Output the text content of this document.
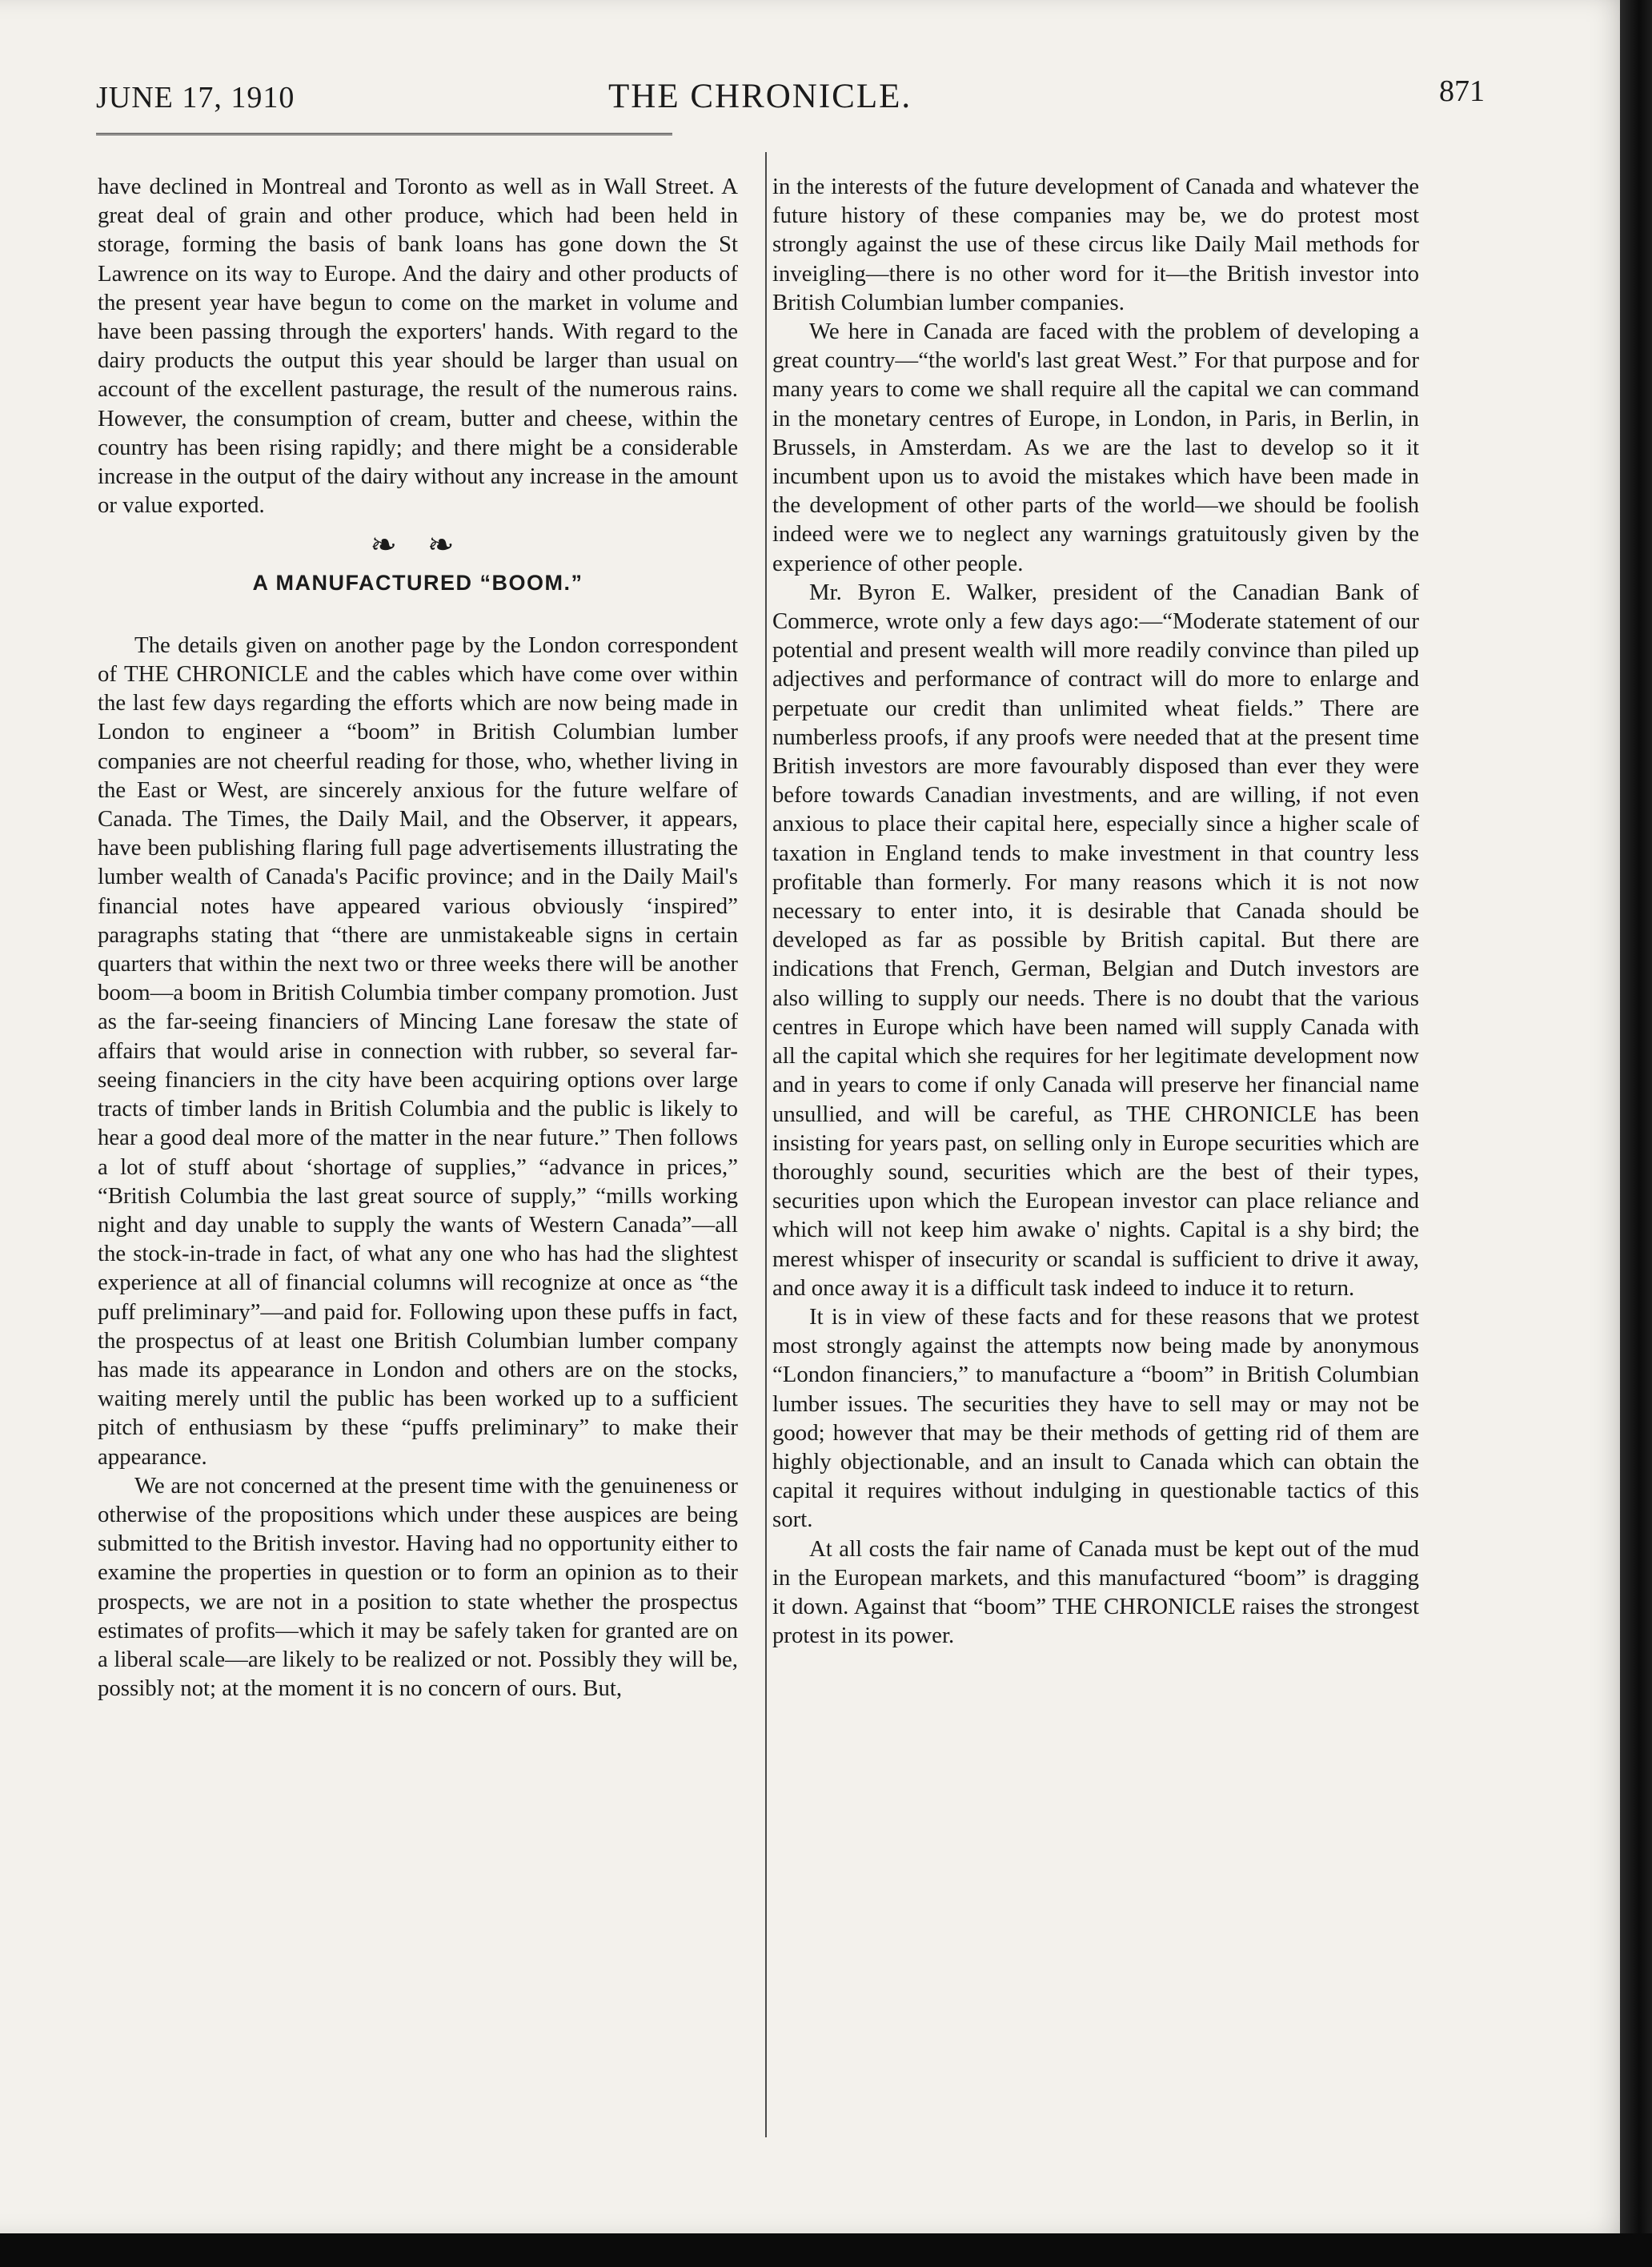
JUNE 17, 1910	THE CHRONICLE.	871

have declined in Montreal and Toronto as well as in Wall Street. A great deal of grain and other produce, which had been held in storage, forming the basis of bank loans has gone down the St Lawrence on its way to Europe. And the dairy and other products of the present year have begun to come on the market in volume and have been passing through the exporters' hands. With regard to the dairy products the output this year should be larger than usual on account of the excellent pasturage, the result of the numerous rains. However, the consumption of cream, butter and cheese, within the country has been rising rapidly; and there might be a considerable increase in the output of the dairy without any increase in the amount or value exported.

❧ ❧
A MANUFACTURED “BOOM.”

The details given on another page by the London correspondent of THE CHRONICLE and the cables which have come over within the last few days regarding the efforts which are now being made in London to engineer a “boom” in British Columbian lumber companies are not cheerful reading for those, who, whether living in the East or West, are sincerely anxious for the future welfare of Canada. The Times, the Daily Mail, and the Observer, it appears, have been publishing flaring full page advertisements illustrating the lumber wealth of Canada's Pacific province; and in the Daily Mail's financial notes have appeared various obviously ‘inspired” paragraphs stating that “there are unmistakeable signs in certain quarters that within the next two or three weeks there will be another boom—a boom in British Columbia timber company promotion. Just as the far-seeing financiers of Mincing Lane foresaw the state of affairs that would arise in connection with rubber, so several far-seeing financiers in the city have been acquiring options over large tracts of timber lands in British Columbia and the public is likely to hear a good deal more of the matter in the near future.” Then follows a lot of stuff about ‘shortage of supplies,” “advance in prices,” “British Columbia the last great source of supply,” “mills working night and day unable to supply the wants of Western Canada”—all the stock-in-trade in fact, of what any one who has had the slightest experience at all of financial columns will recognize at once as “the puff preliminary”—and paid for. Following upon these puffs in fact, the prospectus of at least one British Columbian lumber company has made its appearance in London and others are on the stocks, waiting merely until the public has been worked up to a sufficient pitch of enthusiasm by these “puffs preliminary” to make their appearance.

We are not concerned at the present time with the genuineness or otherwise of the propositions which under these auspices are being submitted to the British investor. Having had no opportunity either to examine the properties in question or to form an opinion as to their prospects, we are not in a position to state whether the prospectus estimates of profits—which it may be safely taken for granted are on a liberal scale—are likely to be realized or not. Possibly they will be, possibly not; at the moment it is no concern of ours. But,

in the interests of the future development of Canada and whatever the future history of these companies may be, we do protest most strongly against the use of these circus like Daily Mail methods for inveigling—there is no other word for it—the British investor into British Columbian lumber companies.

We here in Canada are faced with the problem of developing a great country—“the world's last great West.” For that purpose and for many years to come we shall require all the capital we can command in the monetary centres of Europe, in London, in Paris, in Berlin, in Brussels, in Amsterdam. As we are the last to develop so it it incumbent upon us to avoid the mistakes which have been made in the development of other parts of the world—we should be foolish indeed were we to neglect any warnings gratuitously given by the experience of other people.

Mr. Byron E. Walker, president of the Canadian Bank of Commerce, wrote only a few days ago:—“Moderate statement of our potential and present wealth will more readily convince than piled up adjectives and performance of contract will do more to enlarge and perpetuate our credit than unlimited wheat fields.” There are numberless proofs, if any proofs were needed that at the present time British investors are more favourably disposed than ever they were before towards Canadian investments, and are willing, if not even anxious to place their capital here, especially since a higher scale of taxation in England tends to make investment in that country less profitable than formerly. For many reasons which it is not now necessary to enter into, it is desirable that Canada should be developed as far as possible by British capital. But there are indications that French, German, Belgian and Dutch investors are also willing to supply our needs. There is no doubt that the various centres in Europe which have been named will supply Canada with all the capital which she requires for her legitimate development now and in years to come if only Canada will preserve her financial name unsullied, and will be careful, as THE CHRONICLE has been insisting for years past, on selling only in Europe securities which are thoroughly sound, securities which are the best of their types, securities upon which the European investor can place reliance and which will not keep him awake o' nights. Capital is a shy bird; the merest whisper of insecurity or scandal is sufficient to drive it away, and once away it is a difficult task indeed to induce it to return.

It is in view of these facts and for these reasons that we protest most strongly against the attempts now being made by anonymous “London financiers,” to manufacture a “boom” in British Columbian lumber issues. The securities they have to sell may or may not be good; however that may be their methods of getting rid of them are highly objectionable, and an insult to Canada which can obtain the capital it requires without indulging in questionable tactics of this sort.

At all costs the fair name of Canada must be kept out of the mud in the European markets, and this manufactured “boom” is dragging it down. Against that “boom” THE CHRONICLE raises the strongest protest in its power.
